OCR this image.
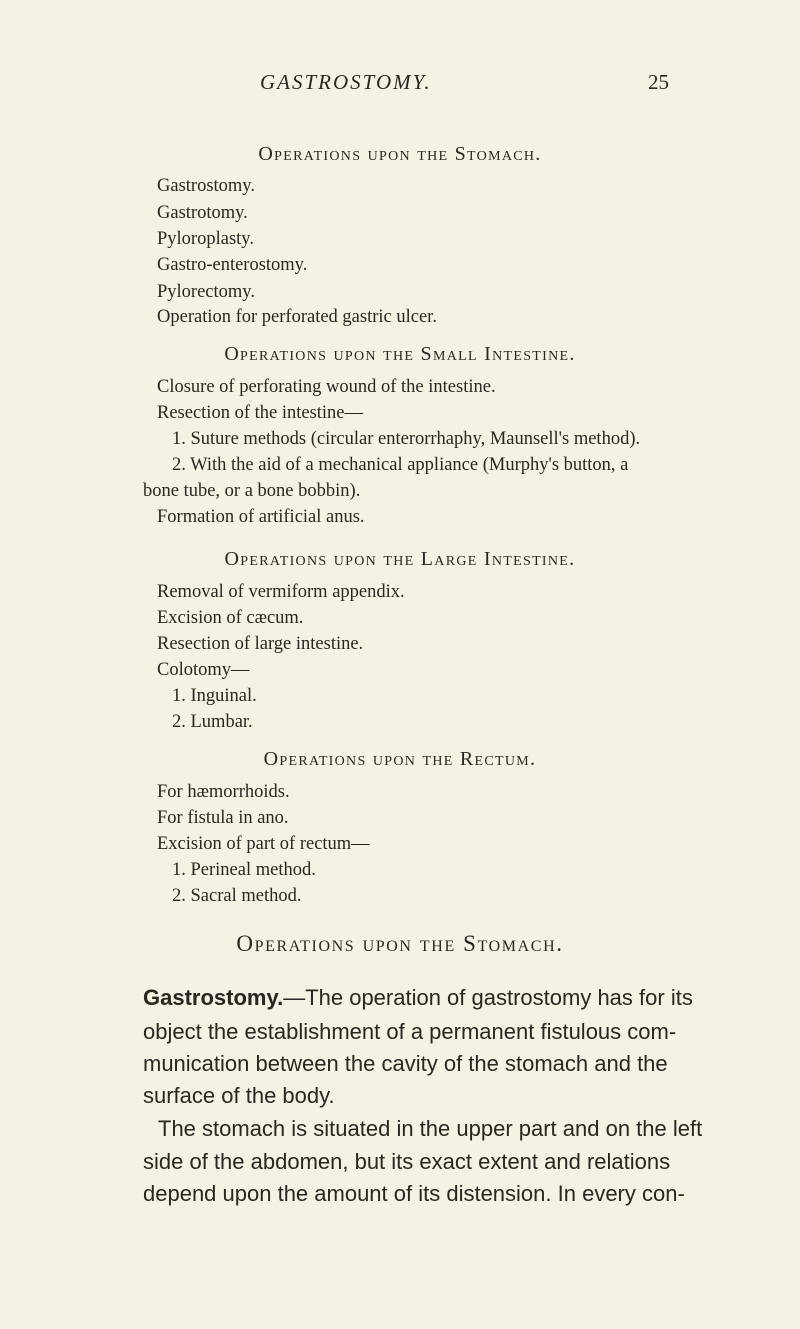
GASTROSTOMY.	25
Operations upon the Stomach.
Gastrostomy.
Gastrotomy.
Pyloroplasty.
Gastro-enterostomy.
Pylorectomy.
Operation for perforated gastric ulcer.
Operations upon the Small Intestine.
Closure of perforating wound of the intestine.
Resection of the intestine—
1. Suture methods (circular enterorrhaphy, Maunsell's method).
2. With the aid of a mechanical appliance (Murphy's button, a
bone tube, or a bone bobbin).
Formation of artificial anus.
Operations upon the Large Intestine.
Removal of vermiform appendix.
Excision of cæcum.
Resection of large intestine.
Colotomy—
1. Inguinal.
2. Lumbar.
Operations upon the Rectum.
For hæmorrhoids.
For fistula in ano.
Excision of part of rectum—
1. Perineal method.
2. Sacral method.
Operations upon the Stomach.
Gastrostomy.—The operation of gastrostomy has for its
object the establishment of a permanent fistulous com-
munication between the cavity of the stomach and the
surface of the body.
The stomach is situated in the upper part and on the left
side of the abdomen, but its exact extent and relations
depend upon the amount of its distension. In every con-
